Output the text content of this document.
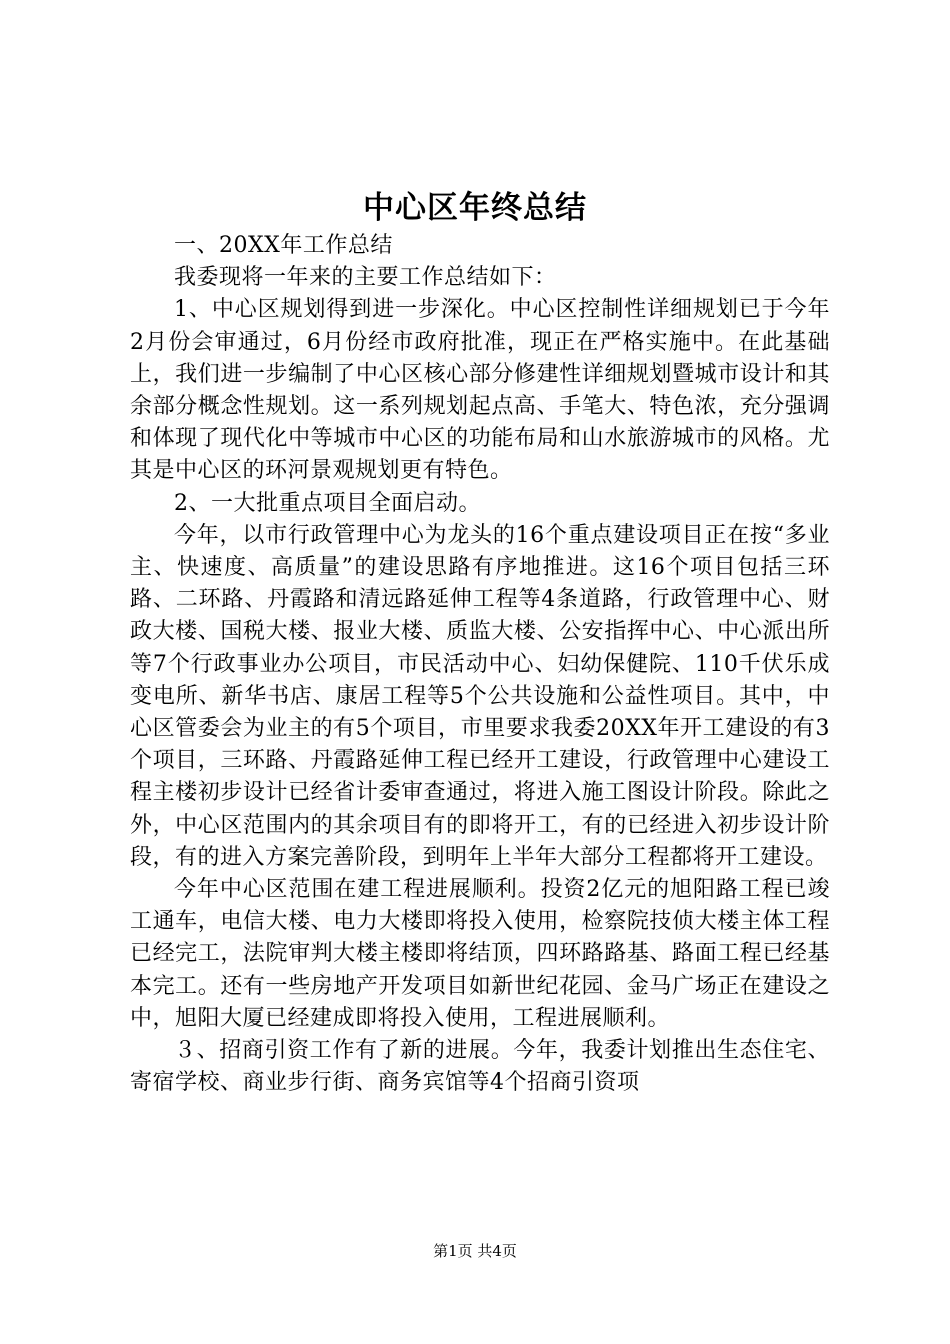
中心区年终总结

一、20XX年工作总结

我委现将一年来的主要工作总结如下：

1、中心区规划得到进一步深化。中心区控制性详细规划已于今年2月份会审通过，6月份经市政府批准，现正在严格实施中。在此基础上，我们进一步编制了中心区核心部分修建性详细规划暨城市设计和其余部分概念性规划。这一系列规划起点高、手笔大、特色浓，充分强调和体现了现代化中等城市中心区的功能布局和山水旅游城市的风格。尤其是中心区的环河景观规划更有特色。

2、一大批重点项目全面启动。

今年，以市行政管理中心为龙头的16个重点建设项目正在按“多业主、快速度、高质量”的建设思路有序地推进。这16个项目包括三环路、二环路、丹霞路和清远路延伸工程等4条道路，行政管理中心、财政大楼、国税大楼、报业大楼、质监大楼、公安指挥中心、中心派出所等7个行政事业办公项目，市民活动中心、妇幼保健院、110千伏乐成变电所、新华书店、康居工程等5个公共设施和公益性项目。其中，中心区管委会为业主的有5个项目，市里要求我委20XX年开工建设的有3个项目，三环路、丹霞路延伸工程已经开工建设，行政管理中心建设工程主楼初步设计已经省计委审查通过，将进入施工图设计阶段。除此之外，中心区范围内的其余项目有的即将开工，有的已经进入初步设计阶段，有的进入方案完善阶段，到明年上半年大部分工程都将开工建设。

今年中心区范围在建工程进展顺利。投资2亿元的旭阳路工程已竣工通车，电信大楼、电力大楼即将投入使用，检察院技侦大楼主体工程已经完工，法院审判大楼主楼即将结顶，四环路路基、路面工程已经基本完工。还有一些房地产开发项目如新世纪花园、金马广场正在建设之中，旭阳大厦已经建成即将投入使用，工程进展顺利。

３、招商引资工作有了新的进展。今年，我委计划推出生态住宅、寄宿学校、商业步行街、商务宾馆等4个招商引资项

第1页 共4页
